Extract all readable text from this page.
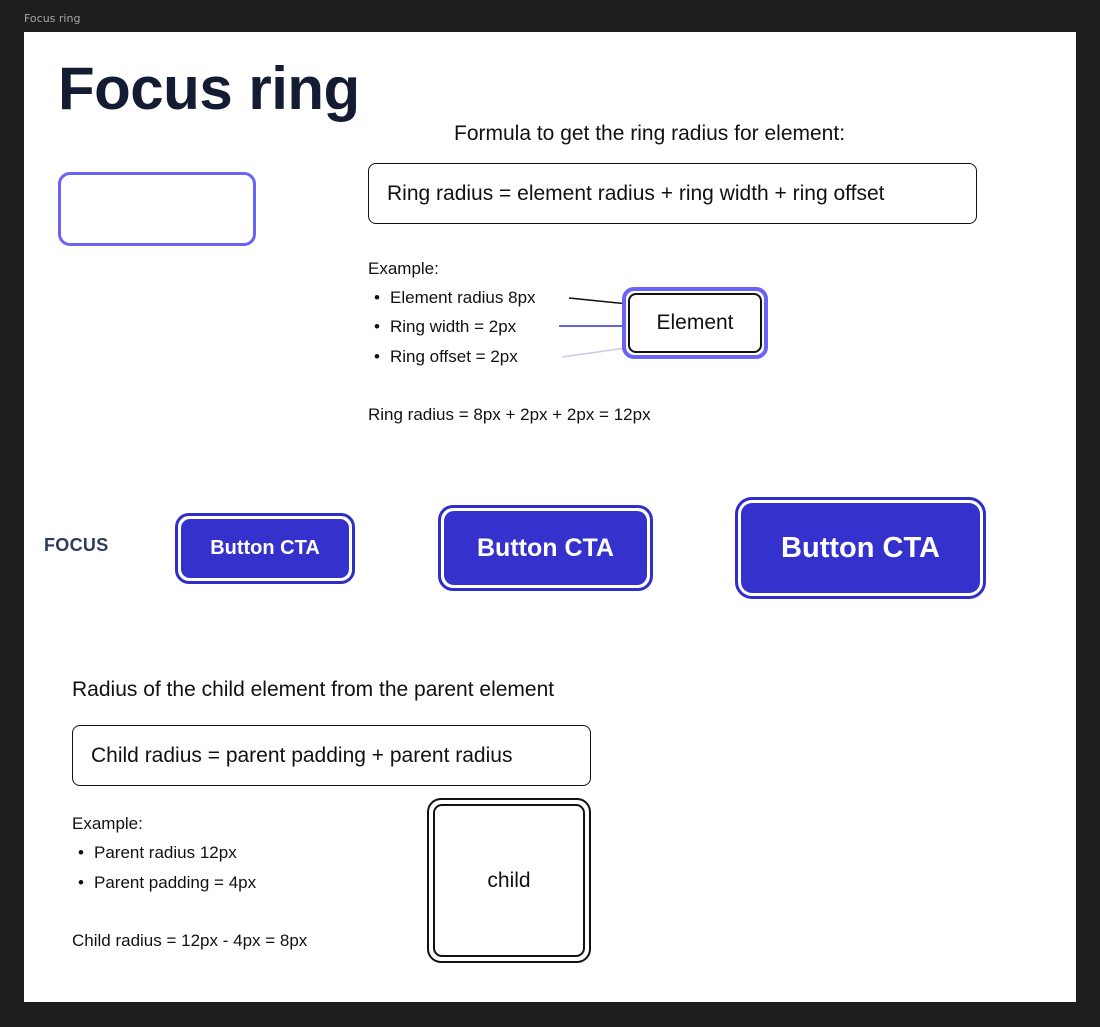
Focus ring
Focus ring
Formula to get the ring radius for element:
Ring radius = element radius + ring width + ring offset
Example:
• Element radius 8px
• Ring width = 2px
• Ring offset = 2px
Element
Ring radius = 8px + 2px + 2px = 12px
FOCUS	Button CTA	Button CTA	Button CTA
Radius of the child element from the parent element
Child radius = parent padding + parent radius
Example:
• Parent radius 12px
• Parent padding = 4px
Child radius = 12px - 4px = 8px
child
